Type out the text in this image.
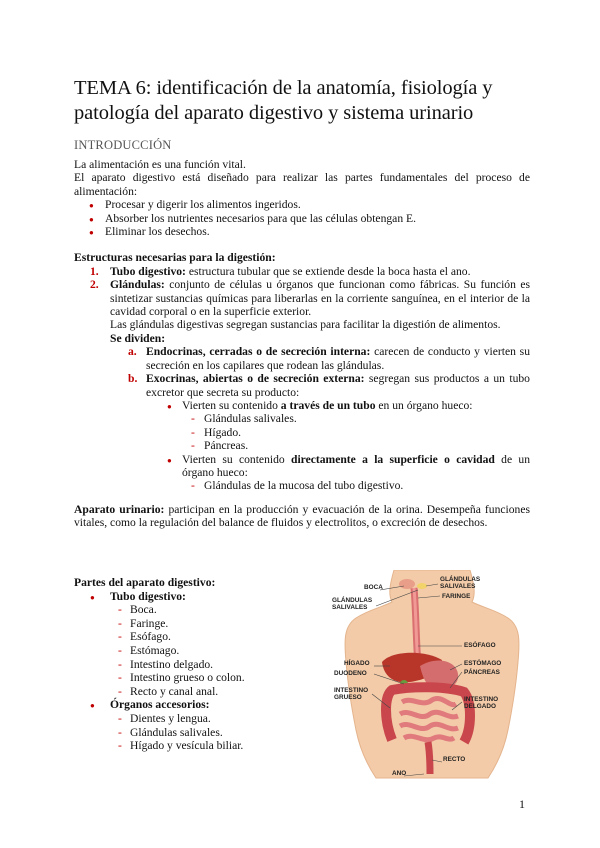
TEMA 6: identificación de la anatomía, fisiología y patología del aparato digestivo y sistema urinario
INTRODUCCIÓN

La alimentación es una función vital.

El aparato digestivo está diseñado para realizar las partes fundamentales del proceso de alimentación:

● Procesar y digerir los alimentos ingeridos.
● Absorber los nutrientes necesarios para que las células obtengan E.
● Eliminar los desechos.

Estructuras necesarias para la digestión:

1. Tubo digestivo: estructura tubular que se extiende desde la boca hasta el ano.
2. Glándulas: conjunto de células u órganos que funcionan como fábricas. Su función es sintetizar sustancias químicas para liberarlas en la corriente sanguínea, en el interior de la cavidad corporal o en la superficie exterior.

Las glándulas digestivas segregan sustancias para facilitar la digestión de alimentos.

Se dividen:

a. Endocrinas, cerradas o de secreción interna: carecen de conducto y vierten su secreción en los capilares que rodean las glándulas.
b. Exocrinas, abiertas o de secreción externa: segregan sus productos a un tubo excretor que secreta su producto:
● Vierten su contenido a través de un tubo en un órgano hueco:
- Glándulas salivales.
- Hígado.
- Páncreas.
● Vierten su contenido directamente a la superficie o cavidad de un órgano hueco:
- Glándulas de la mucosa del tubo digestivo.

Aparato urinario: participan en la producción y evacuación de la orina. Desempeña funciones vitales, como la regulación del balance de fluidos y electrolitos, o excreción de desechos.

Partes del aparato digestivo:

● Tubo digestivo:
- Boca.
- Faringe.
- Esófago.
- Estómago.
- Intestino delgado.
- Intestino grueso o colon.
- Recto y canal anal.
● Órganos accesorios:
- Dientes y lengua.
- Glándulas salivales.
- Hígado y vesícula biliar.
BOCA
GLÁNDULAS
SALIVALES
GLÁNDULAS
SALIVALES
FARINGE
ESÓFAGO
HÍGADO
DUODENO
ESTÓMAGO
PÁNCREAS
INTESTINO
GRUESO	INTESTINO
DELGADO
RECTO
ANO
1
